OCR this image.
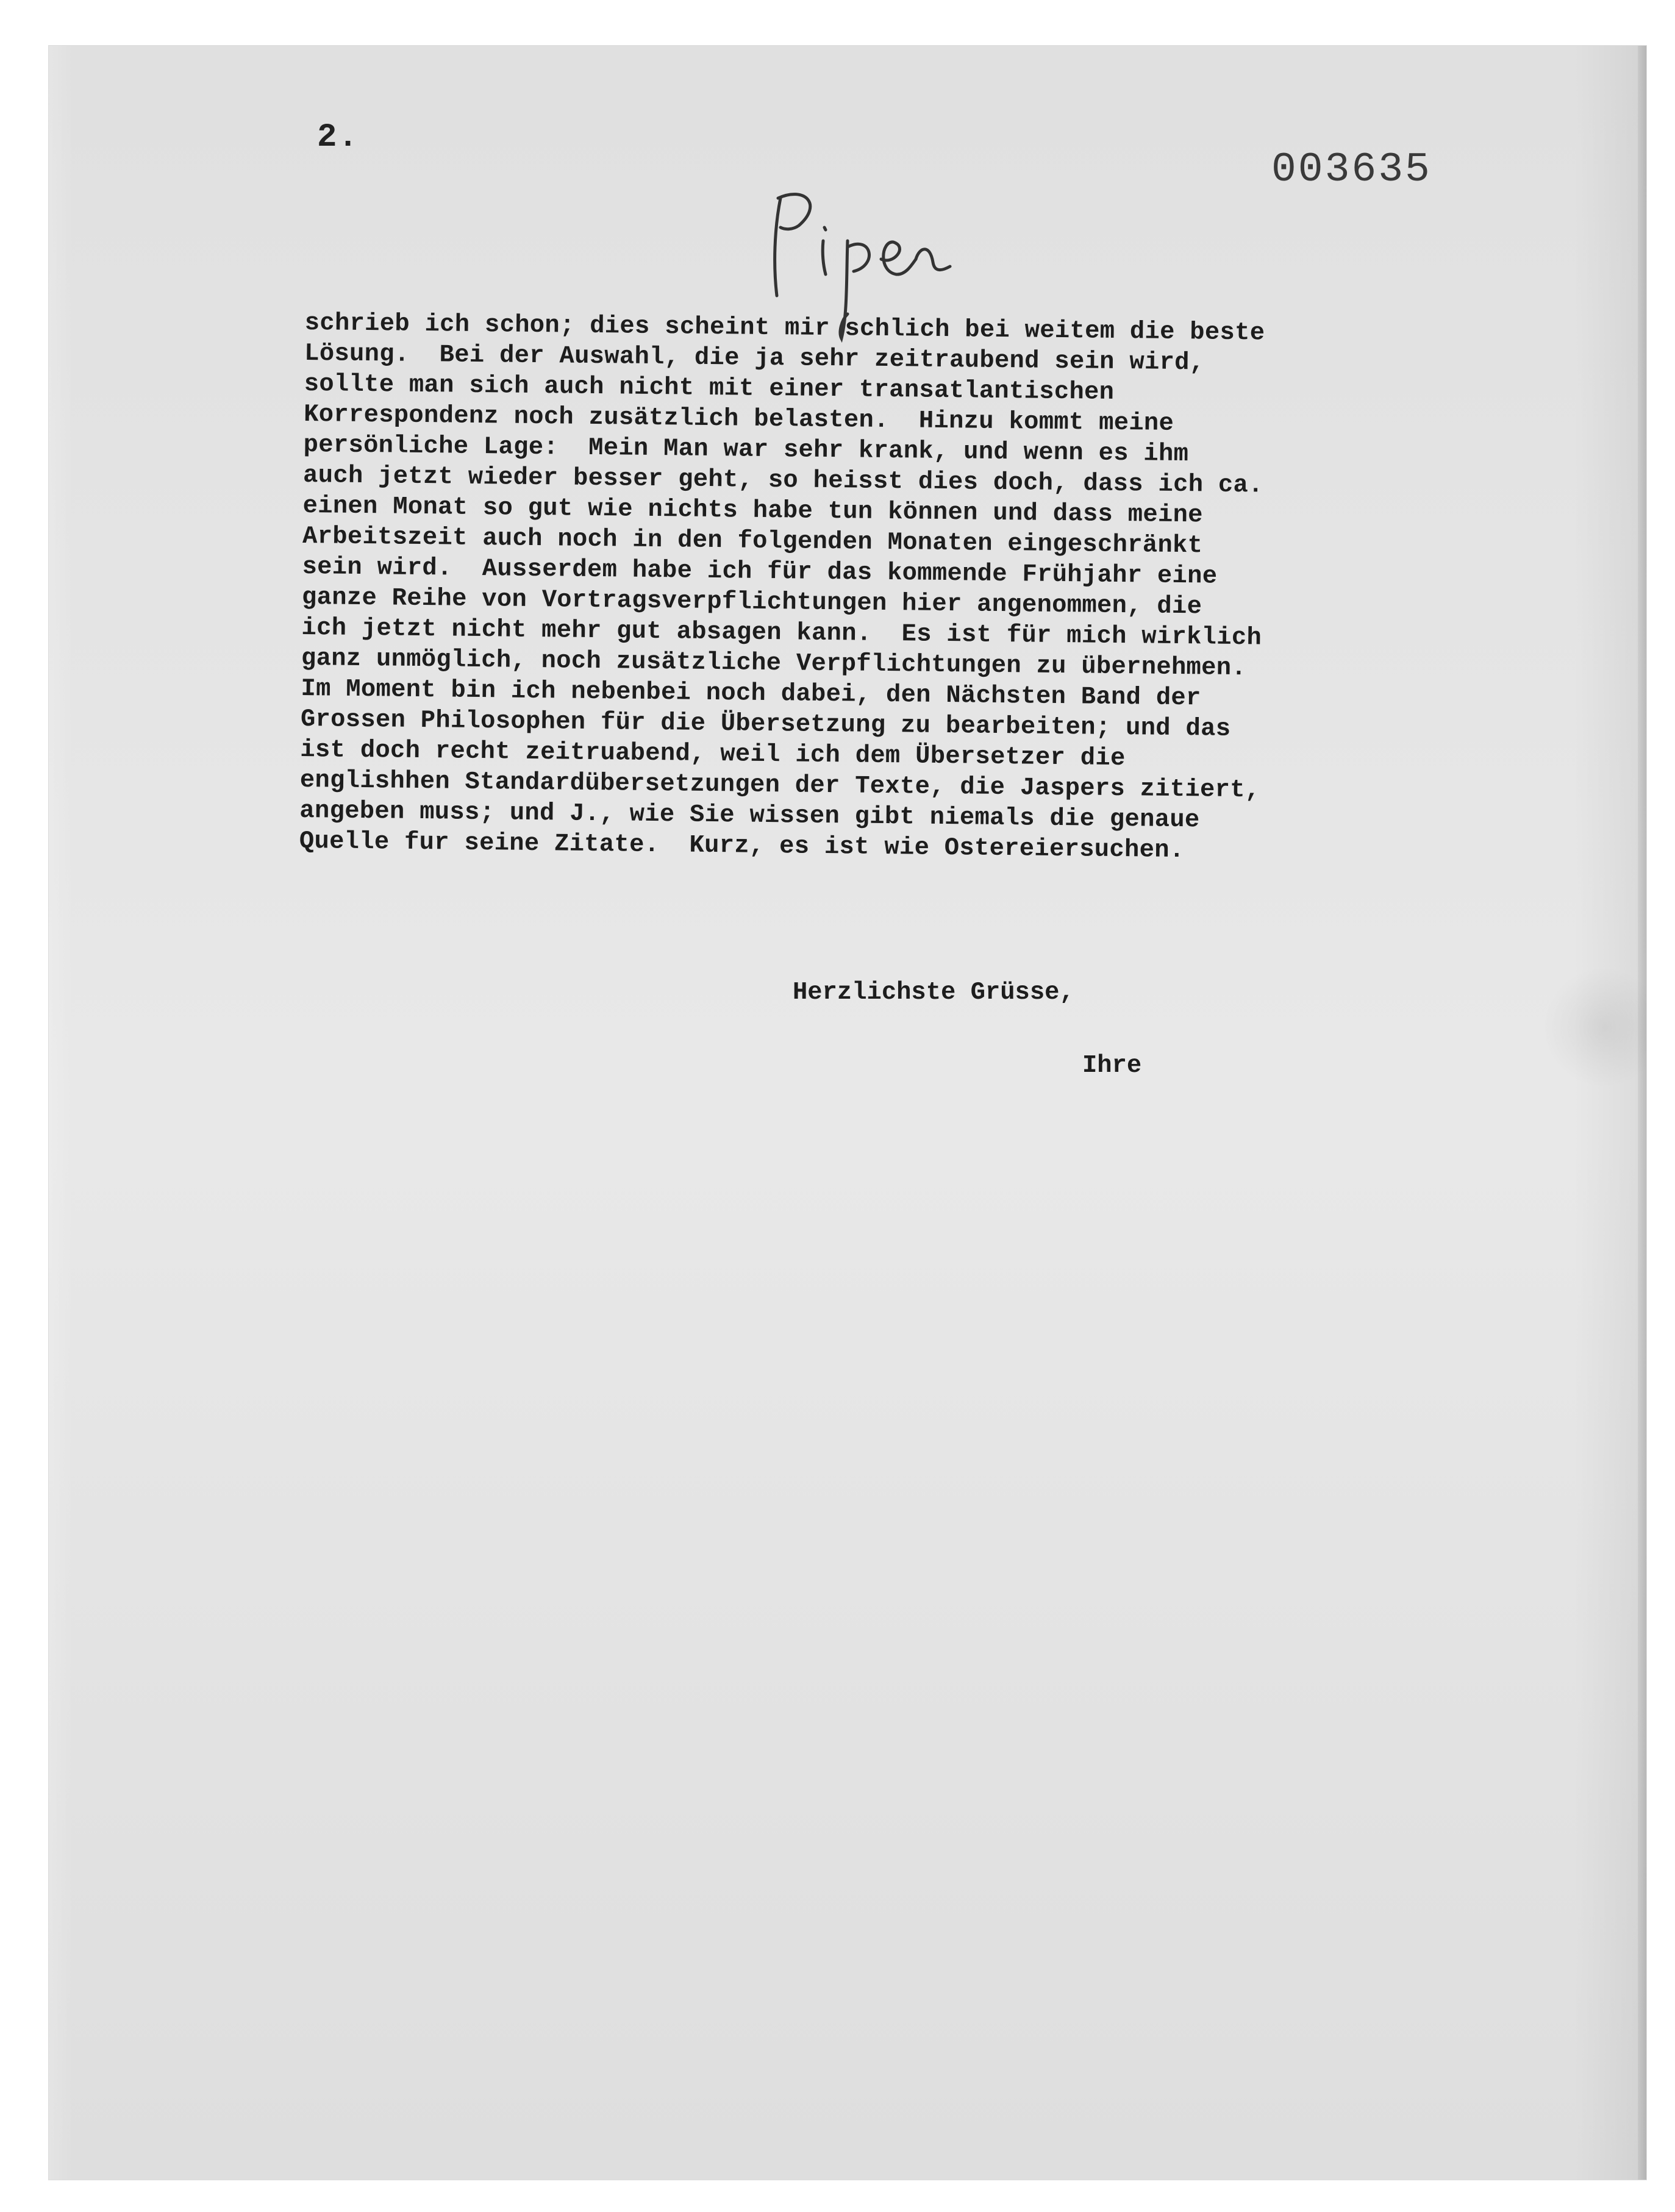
2.
003635
schrieb ich schon; dies scheint mir schlich bei weitem die beste
Lösung.  Bei der Auswahl, die ja sehr zeitraubend sein wird,
sollte man sich auch nicht mit einer transatlantischen
Korrespondenz noch zusätzlich belasten.  Hinzu kommt meine
persönliche Lage:  Mein Man war sehr krank, und wenn es ihm
auch jetzt wieder besser geht, so heisst dies doch, dass ich ca.
einen Monat so gut wie nichts habe tun können und dass meine
Arbeitszeit auch noch in den folgenden Monaten eingeschränkt
sein wird.  Ausserdem habe ich für das kommende Frühjahr eine
ganze Reihe von Vortragsverpflichtungen hier angenommen, die
ich jetzt nicht mehr gut absagen kann.  Es ist für mich wirklich
ganz unmöglich, noch zusätzliche Verpflichtungen zu übernehmen.
Im Moment bin ich nebenbei noch dabei, den Nächsten Band der
Grossen Philosophen für die Übersetzung zu bearbeiten; und das
ist doch recht zeitruabend, weil ich dem Übersetzer die
englishhen Standardübersetzungen der Texte, die Jaspers zitiert,
angeben muss; und J., wie Sie wissen gibt niemals die genaue
Quelle fur seine Zitate.  Kurz, es ist wie Ostereiersuchen.
Herzlichste Grüsse,
Ihre
